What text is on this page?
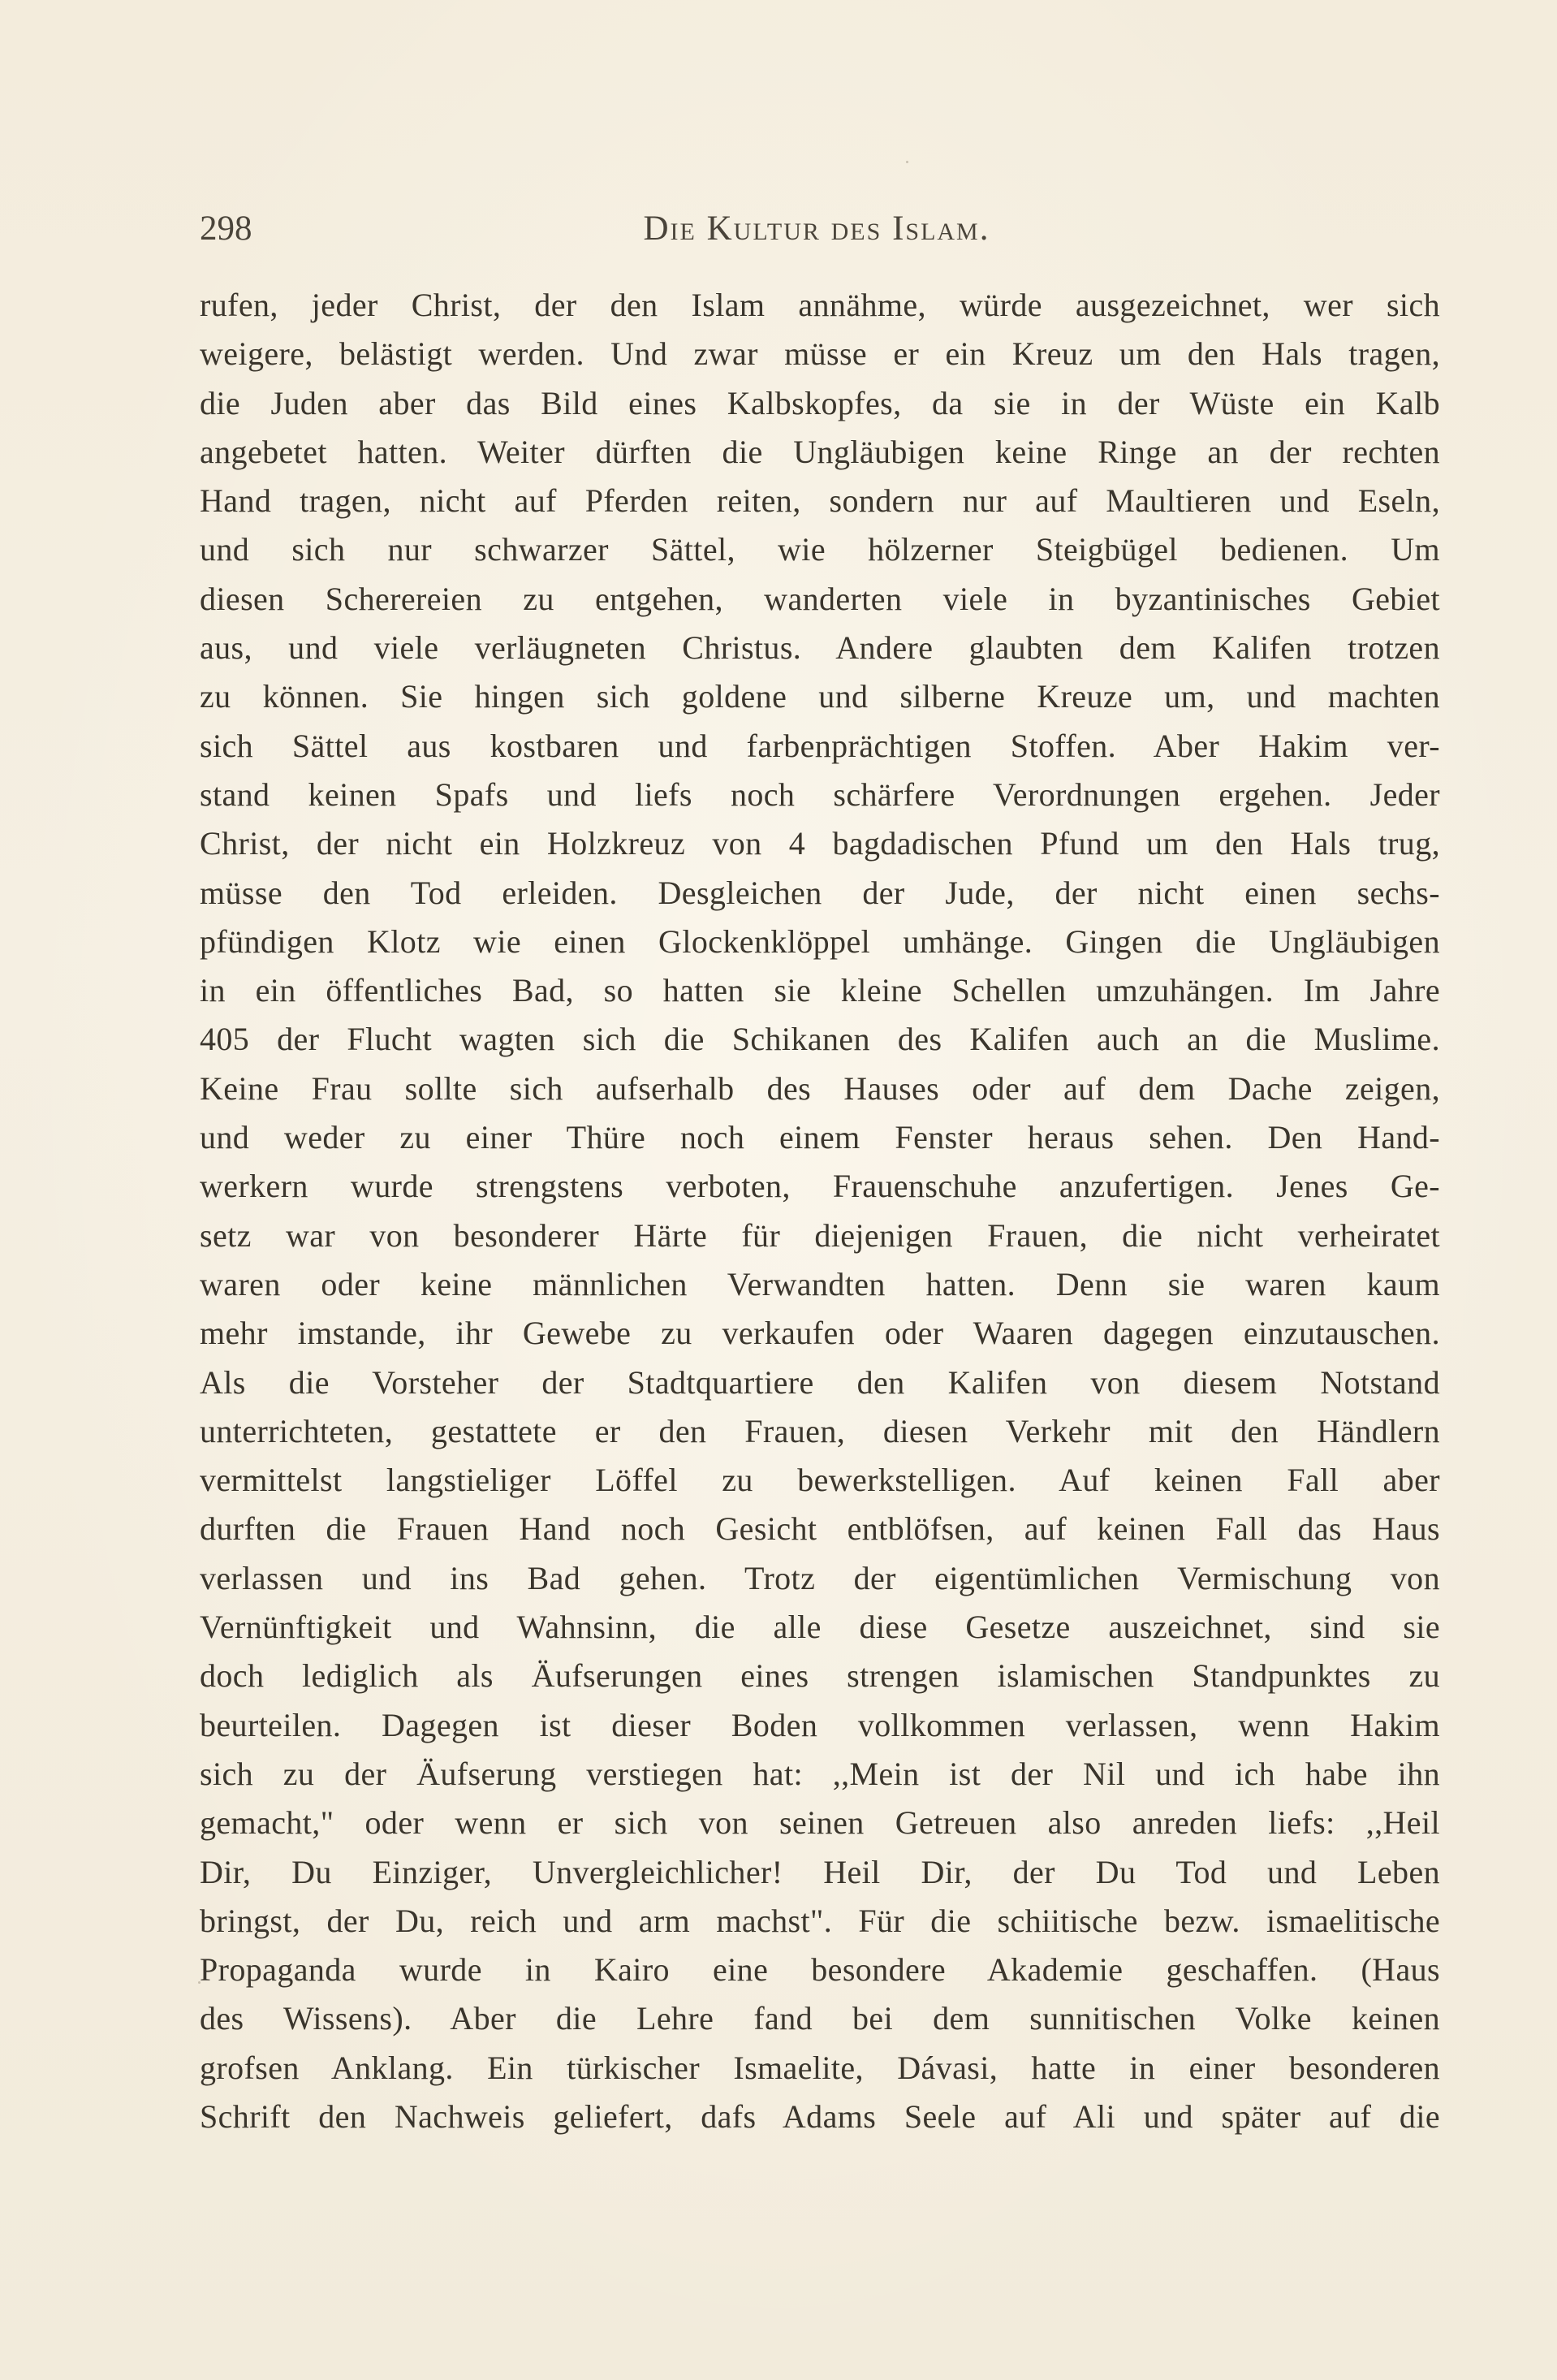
298	Die Kultur des Islam.
rufen, jeder Christ, der den Islam annähme, würde ausgezeichnet, wer sich
weigere, belästigt werden. Und zwar müsse er ein Kreuz um den Hals tragen,
die Juden aber das Bild eines Kalbskopfes, da sie in der Wüste ein Kalb
angebetet hatten. Weiter dürften die Ungläubigen keine Ringe an der rechten
Hand tragen, nicht auf Pferden reiten, sondern nur auf Maultieren und Eseln,
und sich nur schwarzer Sättel, wie hölzerner Steigbügel bedienen. Um
diesen Scherereien zu entgehen, wanderten viele in byzantinisches Gebiet
aus, und viele verläugneten Christus. Andere glaubten dem Kalifen trotzen
zu können. Sie hingen sich goldene und silberne Kreuze um, und machten
sich Sättel aus kostbaren und farbenprächtigen Stoffen. Aber Hakim ver-
stand keinen Spafs und liefs noch schärfere Verordnungen ergehen. Jeder
Christ, der nicht ein Holzkreuz von 4 bagdadischen Pfund um den Hals trug,
müsse den Tod erleiden. Desgleichen der Jude, der nicht einen sechs-
pfündigen Klotz wie einen Glockenklöppel umhänge. Gingen die Ungläubigen
in ein öffentliches Bad, so hatten sie kleine Schellen umzuhängen. Im Jahre
405 der Flucht wagten sich die Schikanen des Kalifen auch an die Muslime.
Keine Frau sollte sich aufserhalb des Hauses oder auf dem Dache zeigen,
und weder zu einer Thüre noch einem Fenster heraus sehen. Den Hand-
werkern wurde strengstens verboten, Frauenschuhe anzufertigen. Jenes Ge-
setz war von besonderer Härte für diejenigen Frauen, die nicht verheiratet
waren oder keine männlichen Verwandten hatten. Denn sie waren kaum
mehr imstande, ihr Gewebe zu verkaufen oder Waaren dagegen einzutauschen.
Als die Vorsteher der Stadtquartiere den Kalifen von diesem Notstand
unterrichteten, gestattete er den Frauen, diesen Verkehr mit den Händlern
vermittelst langstieliger Löffel zu bewerkstelligen. Auf keinen Fall aber
durften die Frauen Hand noch Gesicht entblöfsen, auf keinen Fall das Haus
verlassen und ins Bad gehen. Trotz der eigentümlichen Vermischung von
Vernünftigkeit und Wahnsinn, die alle diese Gesetze auszeichnet, sind sie
doch lediglich als Äufserungen eines strengen islamischen Standpunktes zu
beurteilen. Dagegen ist dieser Boden vollkommen verlassen, wenn Hakim
sich zu der Äufserung verstiegen hat: ,,Mein ist der Nil und ich habe ihn
gemacht," oder wenn er sich von seinen Getreuen also anreden liefs: ,,Heil
Dir, Du Einziger, Unvergleichlicher! Heil Dir, der Du Tod und Leben
bringst, der Du, reich und arm machst". Für die schiitische bezw. ismaelitische
Propaganda wurde in Kairo eine besondere Akademie geschaffen. (Haus
des Wissens). Aber die Lehre fand bei dem sunnitischen Volke keinen
grofsen Anklang. Ein türkischer Ismaelite, Dávasi, hatte in einer besonderen
Schrift den Nachweis geliefert, dafs Adams Seele auf Ali und später auf die
